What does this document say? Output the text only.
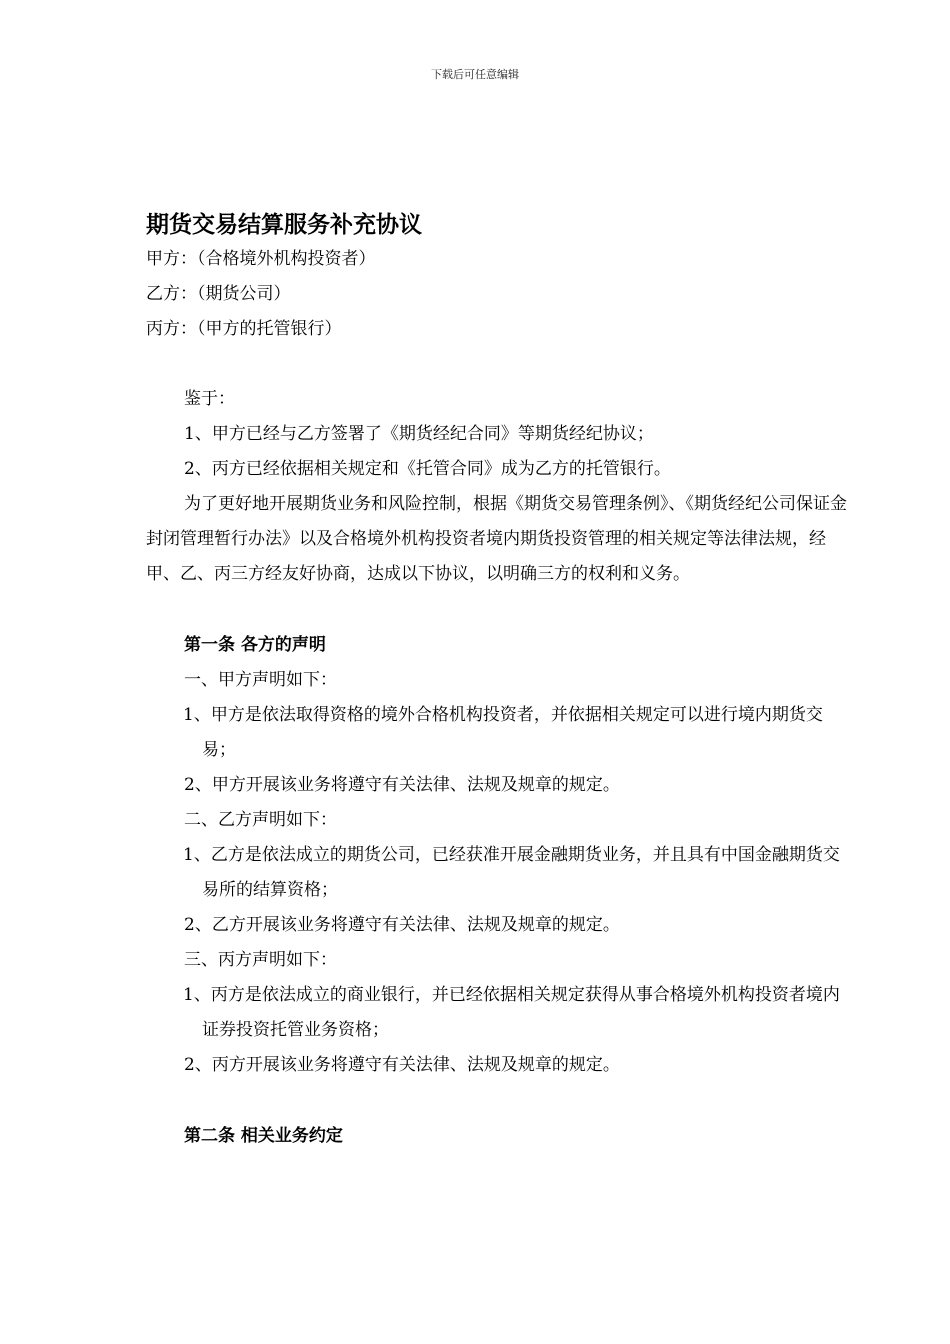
下载后可任意编辑
期货交易结算服务补充协议

甲方：（合格境外机构投资者）

乙方：（期货公司）

丙方：（甲方的托管银行）

鉴于：

1、甲方已经与乙方签署了《期货经纪合同》等期货经纪协议；

2、丙方已经依据相关规定和《托管合同》成为乙方的托管银行。

为了更好地开展期货业务和风险控制，根据《期货交易管理条例》、《期货经纪公司保证金封闭管理暂行办法》以及合格境外机构投资者境内期货投资管理的相关规定等法律法规，经甲、乙、丙三方经友好协商，达成以下协议，以明确三方的权利和义务。

第一条 各方的声明

一、甲方声明如下：

1、甲方是依法取得资格的境外合格机构投资者，并依据相关规定可以进行境内期货交易；

2、甲方开展该业务将遵守有关法律、法规及规章的规定。

二、乙方声明如下：

1、乙方是依法成立的期货公司，已经获准开展金融期货业务，并且具有中国金融期货交易所的结算资格；

2、乙方开展该业务将遵守有关法律、法规及规章的规定。

三、丙方声明如下：

1、丙方是依法成立的商业银行，并已经依据相关规定获得从事合格境外机构投资者境内证券投资托管业务资格；

2、丙方开展该业务将遵守有关法律、法规及规章的规定。

第二条 相关业务约定
